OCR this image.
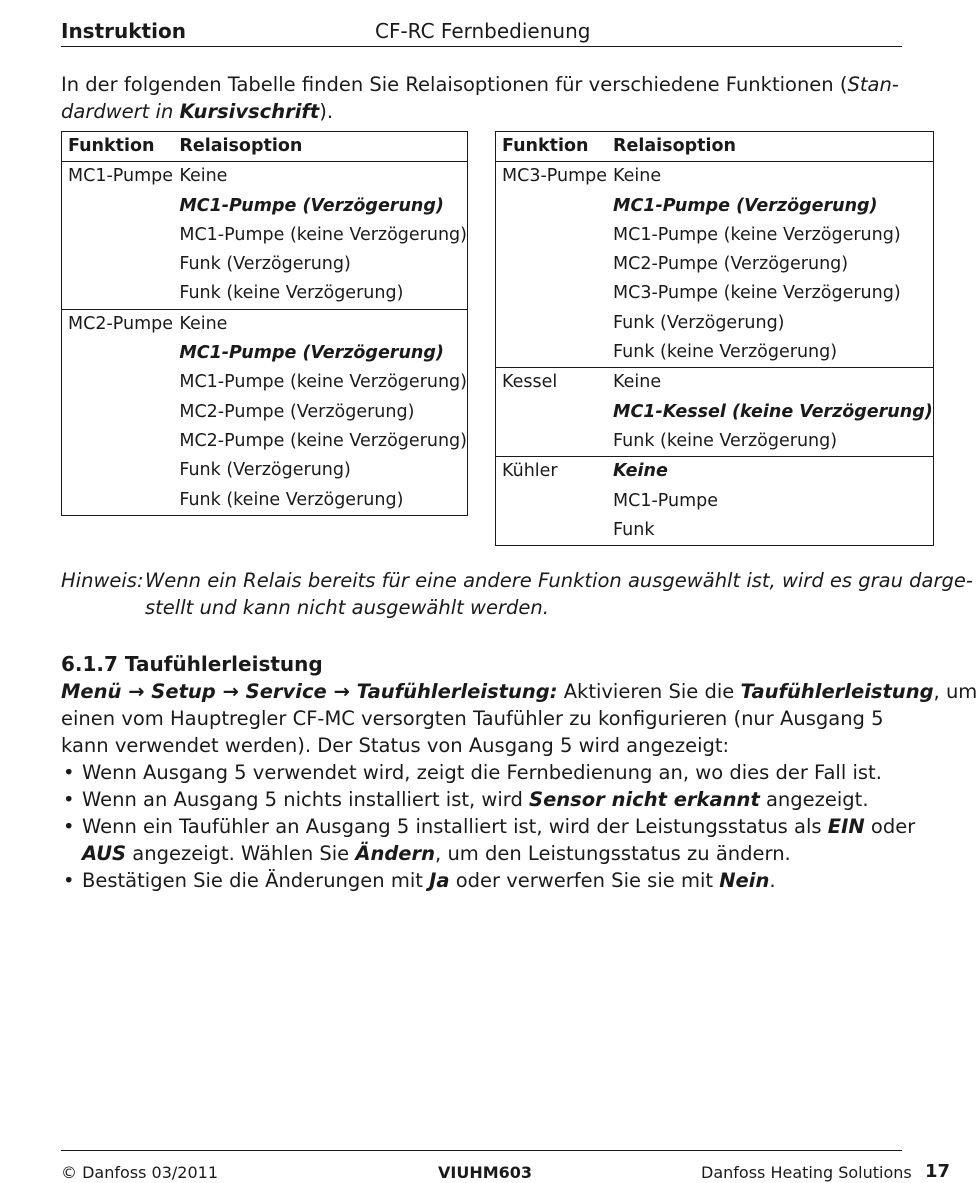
Instruktion	CF-RC Fernbedienung
In der folgenden Tabelle finden Sie Relaisoptionen für verschiedene Funktionen (Stan-
dardwert in Kursivschrift).
Funktion	Relaisoption
MC1-Pumpe	Keine
	MC1-Pumpe (Verzögerung)
	MC1-Pumpe (keine Verzögerung)
	Funk (Verzögerung)
	Funk (keine Verzögerung)
MC2-Pumpe	Keine
	MC1-Pumpe (Verzögerung)
	MC1-Pumpe (keine Verzögerung)
	MC2-Pumpe (Verzögerung)
	MC2-Pumpe (keine Verzögerung)
	Funk (Verzögerung)
	Funk (keine Verzögerung)
Funktion	Relaisoption
MC3-Pumpe	Keine
	MC1-Pumpe (Verzögerung)
	MC1-Pumpe (keine Verzögerung)
	MC2-Pumpe (Verzögerung)
	MC3-Pumpe (keine Verzögerung)
	Funk (Verzögerung)
	Funk (keine Verzögerung)
Kessel	Keine
	MC1-Kessel (keine Verzögerung)
	Funk (keine Verzögerung)
Kühler	Keine
	MC1-Pumpe
	Funk
Hinweis: Wenn ein Relais bereits für eine andere Funktion ausgewählt ist, wird es grau darge-
stellt und kann nicht ausgewählt werden.
6.1.7 Taufühlerleistung
Menü → Setup → Service → Taufühlerleistung: Aktivieren Sie die Taufühlerleistung, um
einen vom Hauptregler CF-MC versorgten Taufühler zu konfigurieren (nur Ausgang 5
kann verwendet werden). Der Status von Ausgang 5 wird angezeigt:
• Wenn Ausgang 5 verwendet wird, zeigt die Fernbedienung an, wo dies der Fall ist.
• Wenn an Ausgang 5 nichts installiert ist, wird Sensor nicht erkannt angezeigt.
• Wenn ein Taufühler an Ausgang 5 installiert ist, wird der Leistungsstatus als EIN oder
AUS angezeigt. Wählen Sie Ändern, um den Leistungsstatus zu ändern.
• Bestätigen Sie die Änderungen mit Ja oder verwerfen Sie sie mit Nein.
© Danfoss 03/2011	VIUHM603	Danfoss Heating Solutions 17
